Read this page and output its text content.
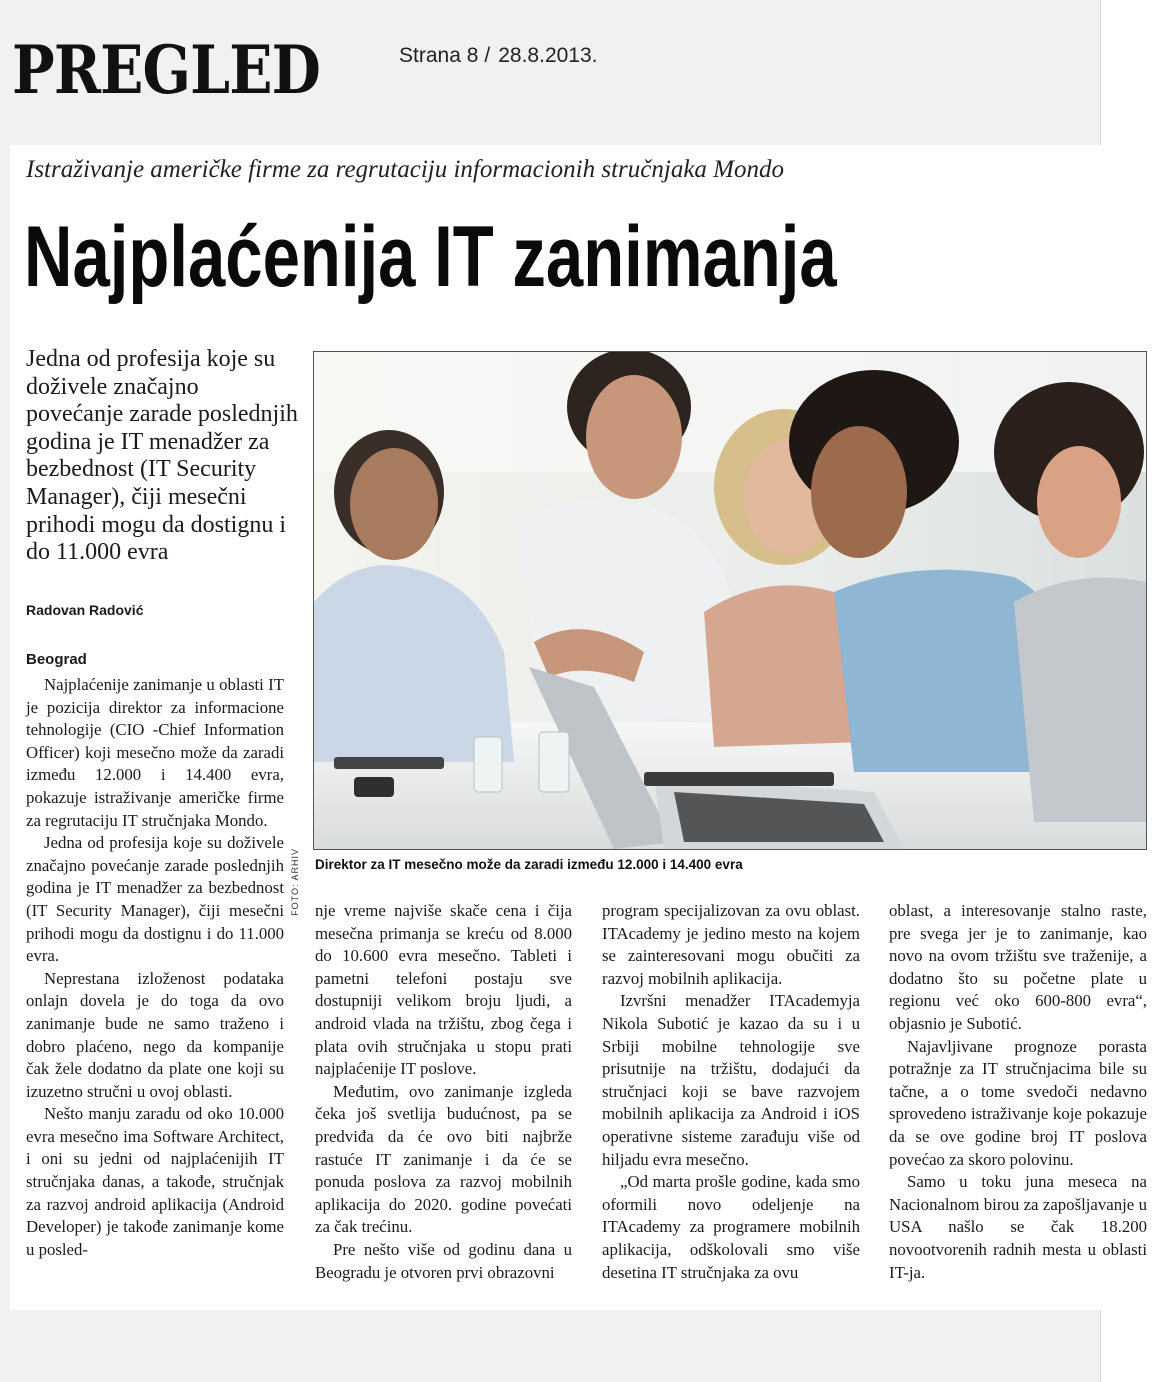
PREGLED	Strana 8 / 28.8.2013.
Istraživanje američke firme za regrutaciju informacionih stručnjaka Mondo
Najplaćenija IT zanimanja
Jedna od profesija koje su doživele značajno povećanje zarade poslednjih godina je IT menadžer za bezbednost (IT Security Manager), čiji mesečni prihodi mogu da dostignu i do 11.000 evra
Radovan Radović
Beograd
FOTO: ARHIV	Direktor za IT mesečno može da zaradi između 12.000 i 14.400 evra

Najplaćenije zanimanje u oblasti IT je pozicija direktor za informacione tehnologije (CIO -Chief Information Officer) koji mesečno može da zaradi između 12.000 i 14.400 evra, pokazuje istraživanje američke firme za regrutaciju IT stručnjaka Mondo.

Jedna od profesija koje su doživele značajno povećanje zarade poslednjih godina je IT menadžer za bezbednost (IT Security Manager), čiji mesečni prihodi mogu da dostignu i do 11.000 evra.

Neprestana izloženost podataka onlajn dovela je do toga da ovo zanimanje bude ne samo traženo i dobro plaćeno, nego da kompanije čak žele dodatno da plate one koji su izuzetno stručni u ovoj oblasti.

Nešto manju zaradu od oko 10.000 evra mesečno ima Software Architect, i oni su jedni od najplaćenijih IT stručnjaka danas, a takođe, stručnjak za razvoj android aplikacija (Android Developer) je takođe zanimanje kome u posled-

nje vreme najviše skače cena i čija mesečna primanja se kreću od 8.000 do 10.600 evra mesečno. Tableti i pametni telefoni postaju sve dostupniji velikom broju ljudi, a android vlada na tržištu, zbog čega i plata ovih stručnjaka u stopu prati najplaćenije IT poslove.

Međutim, ovo zanimanje izgleda čeka još svetlija budućnost, pa se predviđa da će ovo biti najbrže rastuće IT zanimanje i da će se ponuda poslova za razvoj mobilnih aplikacija do 2020. godine povećati za čak trećinu.

Pre nešto više od godinu dana u Beogradu je otvoren prvi obrazovni

program specijalizovan za ovu oblast. ITAcademy je jedino mesto na kojem se zainteresovani mogu obučiti za razvoj mobilnih aplikacija.

Izvršni menadžer ITAcademyja Nikola Subotić je kazao da su i u Srbiji mobilne tehnologije sve prisutnije na tržištu, dodajući da stručnjaci koji se bave razvojem mobilnih aplikacija za Android i iOS operativne sisteme zarađuju više od hiljadu evra mesečno.

„Od marta prošle godine, kada smo oformili novo odeljenje na ITAcademy za programere mobilnih aplikacija, odškolovali smo više desetina IT stručnjaka za ovu

oblast, a interesovanje stalno raste, pre svega jer je to zanimanje, kao novo na ovom tržištu sve traženije, a dodatno što su početne plate u regionu već oko 600-800 evra“, objasnio je Subotić.

Najavljivane prognoze porasta potražnje za IT stručnjacima bile su tačne, a o tome svedoči nedavno sprovedeno istraživanje koje pokazuje da se ove godine broj IT poslova povećao za skoro polovinu.

Samo u toku juna meseca na Nacionalnom birou za zapošljavanje u USA našlo se čak 18.200 novootvorenih radnih mesta u oblasti IT-ja.
